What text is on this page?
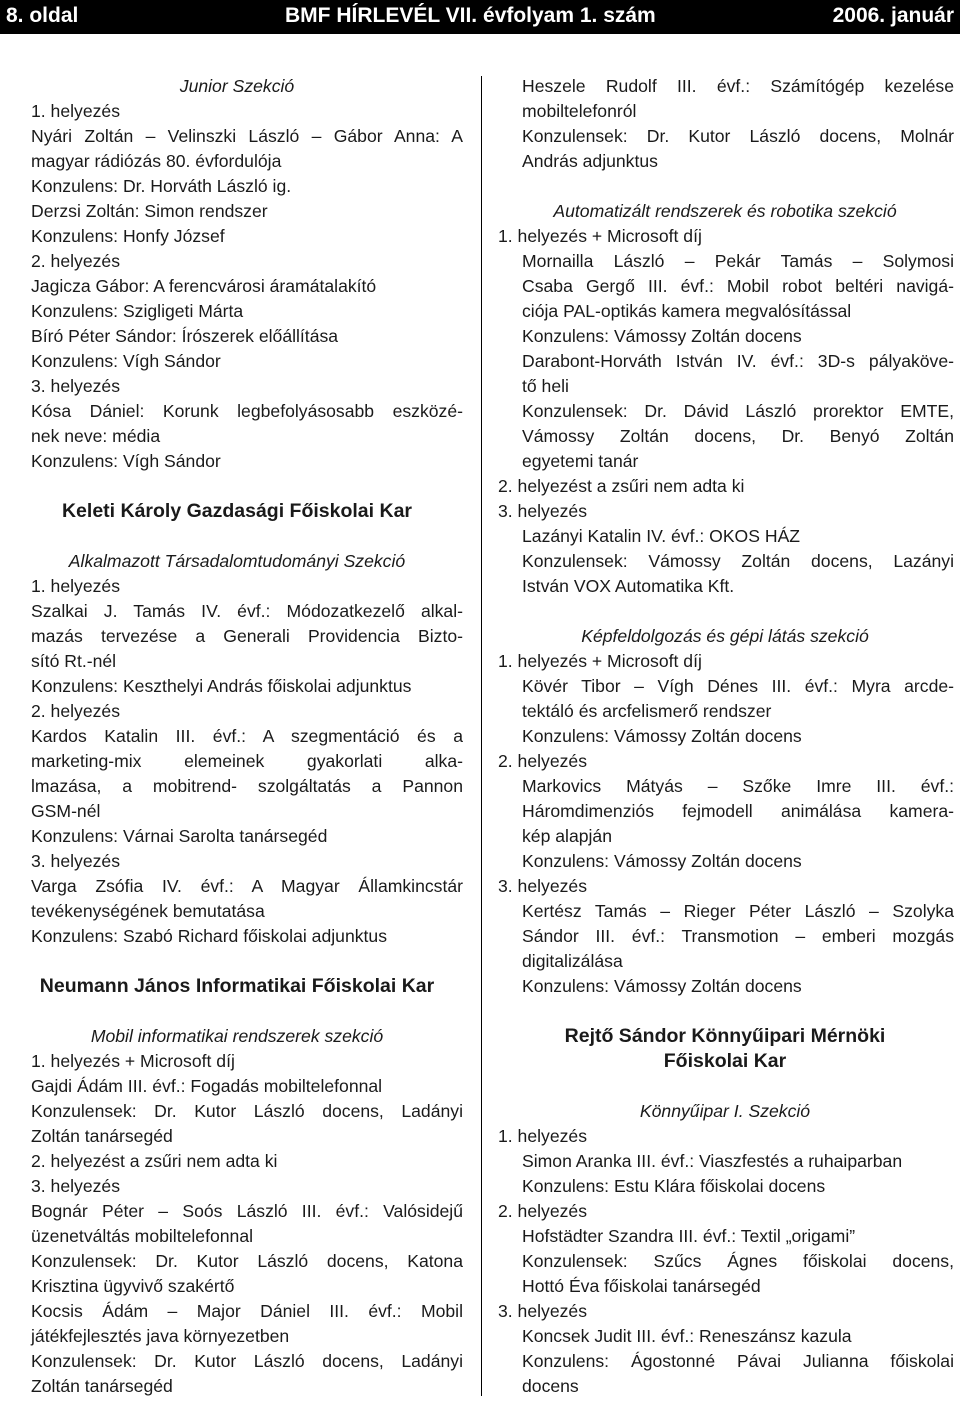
8. oldal	BMF HÍRLEVÉL VII. évfolyam 1. szám	2006. január
Junior Szekció
1. helyezés
Nyári Zoltán – Velinszki László – Gábor Anna: A
magyar rádiózás 80. évfordulója
Konzulens: Dr. Horváth László ig.
Derzsi Zoltán: Simon rendszer
Konzulens: Honfy József
2. helyezés
Jagicza Gábor: A ferencvárosi áramátalakító
Konzulens: Szigligeti Márta
Bíró Péter Sándor: Írószerek előállítása
Konzulens: Vígh Sándor
3. helyezés
Kósa Dániel: Korunk legbefolyásosabb eszközé-
nek neve: média
Konzulens: Vígh Sándor
Keleti Károly Gazdasági Főiskolai Kar
Alkalmazott Társadalomtudományi Szekció
1. helyezés
Szalkai J. Tamás IV. évf.: Módozatkezelő alkal-
mazás tervezése a Generali Providencia Bizto-
sító Rt.-nél
Konzulens: Keszthelyi András főiskolai adjunktus
2. helyezés
Kardos Katalin III. évf.: A szegmentáció és a
marketing-mix elemeinek gyakorlati alka-
lmazása, a mobitrend- szolgáltatás a Pannon
GSM-nél
Konzulens: Várnai Sarolta tanársegéd
3. helyezés
Varga Zsófia IV. évf.: A Magyar Államkincstár
tevékenységének bemutatása
Konzulens: Szabó Richard főiskolai adjunktus
Neumann János Informatikai Főiskolai Kar
Mobil informatikai rendszerek szekció
1. helyezés + Microsoft díj
Gajdi Ádám III. évf.: Fogadás mobiltelefonnal
Konzulensek: Dr. Kutor László docens, Ladányi
Zoltán tanársegéd
2. helyezést a zsűri nem adta ki
3. helyezés
Bognár Péter – Soós László III. évf.: Valósidejű
üzenetváltás mobiltelefonnal
Konzulensek: Dr. Kutor László docens, Katona
Krisztina ügyvivő szakértő
Kocsis Ádám – Major Dániel III. évf.: Mobil
játékfejlesztés java környezetben
Konzulensek: Dr. Kutor László docens, Ladányi
Zoltán tanársegéd
Heszele Rudolf III. évf.: Számítógép kezelése
mobiltelefonról
Konzulensek: Dr. Kutor László docens, Molnár
András adjunktus
Automatizált rendszerek és robotika szekció
1. helyezés + Microsoft díj
Mornailla László – Pekár Tamás – Solymosi
Csaba Gergő III. évf.: Mobil robot beltéri navigá-
ciója PAL-optikás kamera megvalósítással
Konzulens: Vámossy Zoltán docens
Darabont-Horváth István IV. évf.: 3D-s pályaköve-
tő heli
Konzulensek: Dr. Dávid László prorektor EMTE,
Vámossy Zoltán docens, Dr. Benyó Zoltán
egyetemi tanár
2. helyezést a zsűri nem adta ki
3. helyezés
Lazányi Katalin IV. évf.: OKOS HÁZ
Konzulensek: Vámossy Zoltán docens, Lazányi
István VOX Automatika Kft.
Képfeldolgozás és gépi látás szekció
1. helyezés + Microsoft díj
Kövér Tibor – Vígh Dénes III. évf.: Myra arcde-
tektáló és arcfelismerő rendszer
Konzulens: Vámossy Zoltán docens
2. helyezés
Markovics Mátyás – Szőke Imre III. évf.:
Háromdimenziós fejmodell animálása kamera-
kép alapján
Konzulens: Vámossy Zoltán docens
3. helyezés
Kertész Tamás – Rieger Péter László – Szolyka
Sándor III. évf.: Transmotion – emberi mozgás
digitalizálása
Konzulens: Vámossy Zoltán docens
Rejtő Sándor Könnyűipari Mérnöki
Főiskolai Kar
Könnyűipar I. Szekció
1. helyezés
Simon Aranka III. évf.: Viaszfestés a ruhaiparban
Konzulens: Estu Klára főiskolai docens
2. helyezés
Hofstädter Szandra III. évf.: Textil „origami”
Konzulensek: Szűcs Ágnes főiskolai docens,
Hottó Éva főiskolai tanársegéd
3. helyezés
Koncsek Judit III. évf.: Reneszánsz kazula
Konzulens: Ágostonné Pávai Julianna főiskolai
docens
